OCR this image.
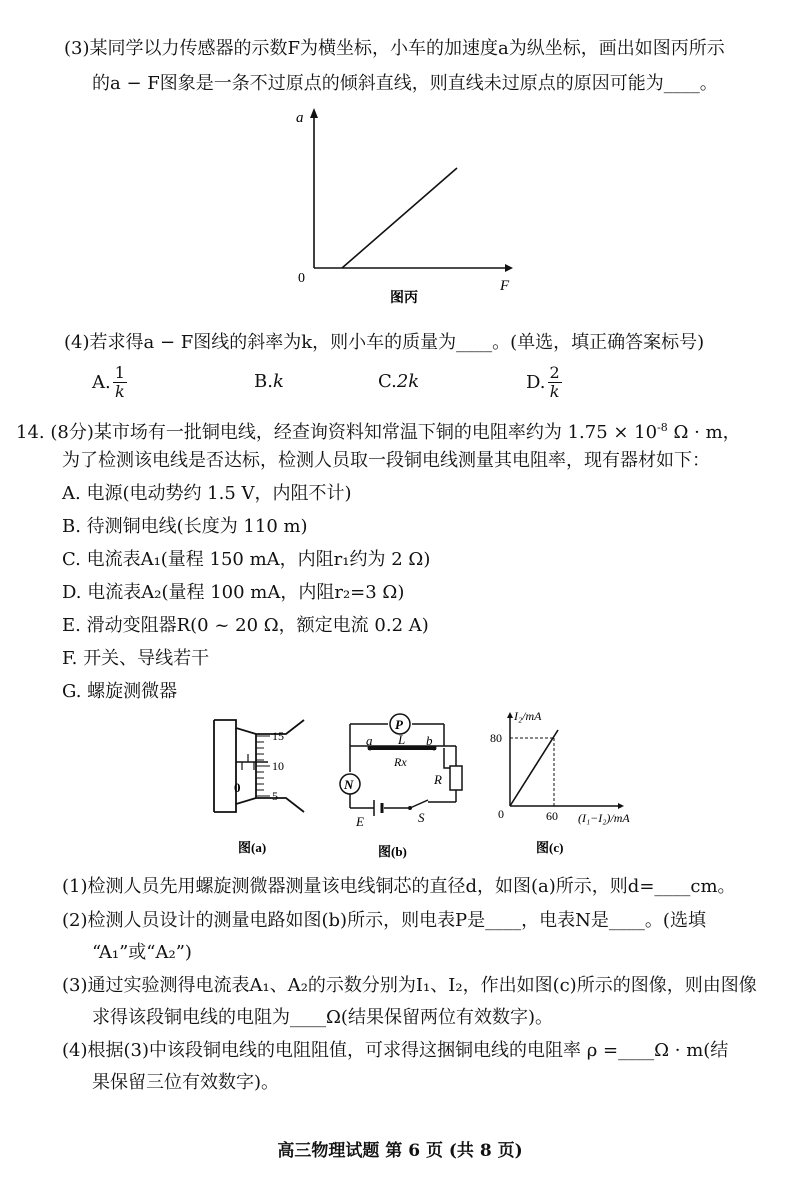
(3)某同学以力传感器的示数F为横坐标，小车的加速度a为纵坐标，画出如图丙所示
的a − F图象是一条不过原点的倾斜直线，则直线未过原点的原因可能为____。
a
F
0
图丙
(4)若求得a − F图线的斜率为k，则小车的质量为____。(单选，填正确答案标号)
A. 1
k	B.k	C.2k	D. 2
k
14. (8分)某市场有一批铜电线，经查询资料知常温下铜的电阻率约为 $1.75 \times 10^{-8}$ Ω · m，
为了检测该电线是否达标，检测人员取一段铜电线测量其电阻率，现有器材如下：
A. 电源(电动势约 1.5 V，内阻不计)
B. 待测铜电线(长度为 110 m)
C. 电流表A₁(量程 150 mA，内阻r₁约为 2 Ω)
D. 电流表A₂(量程 100 mA，内阻r₂=3 Ω)
E. 滑动变阻器R(0 ~ 20 Ω，额定电流 0.2 A)
F. 开关、导线若干
G. 螺旋测微器
15
10
5
0
图(a)
P
N
a L b
Rx
R
E	S
图(b)
I₂/mA
80
60
0	(I₁−I₂)/mA
图(c)
(1)检测人员先用螺旋测微器测量该电线铜芯的直径d，如图(a)所示，则d=____cm。
(2)检测人员设计的测量电路如图(b)所示，则电表P是____，电表N是____。(选填
“A₁”或“A₂”)
(3)通过实验测得电流表A₁、A₂的示数分别为I₁、I₂，作出如图(c)所示的图像，则由图像
求得该段铜电线的电阻为____Ω(结果保留两位有效数字)。
(4)根据(3)中该段铜电线的电阻阻值，可求得这捆铜电线的电阻率 ρ =____Ω · m(结
果保留三位有效数字)。
高三物理试题 第 6 页 (共 8 页)
